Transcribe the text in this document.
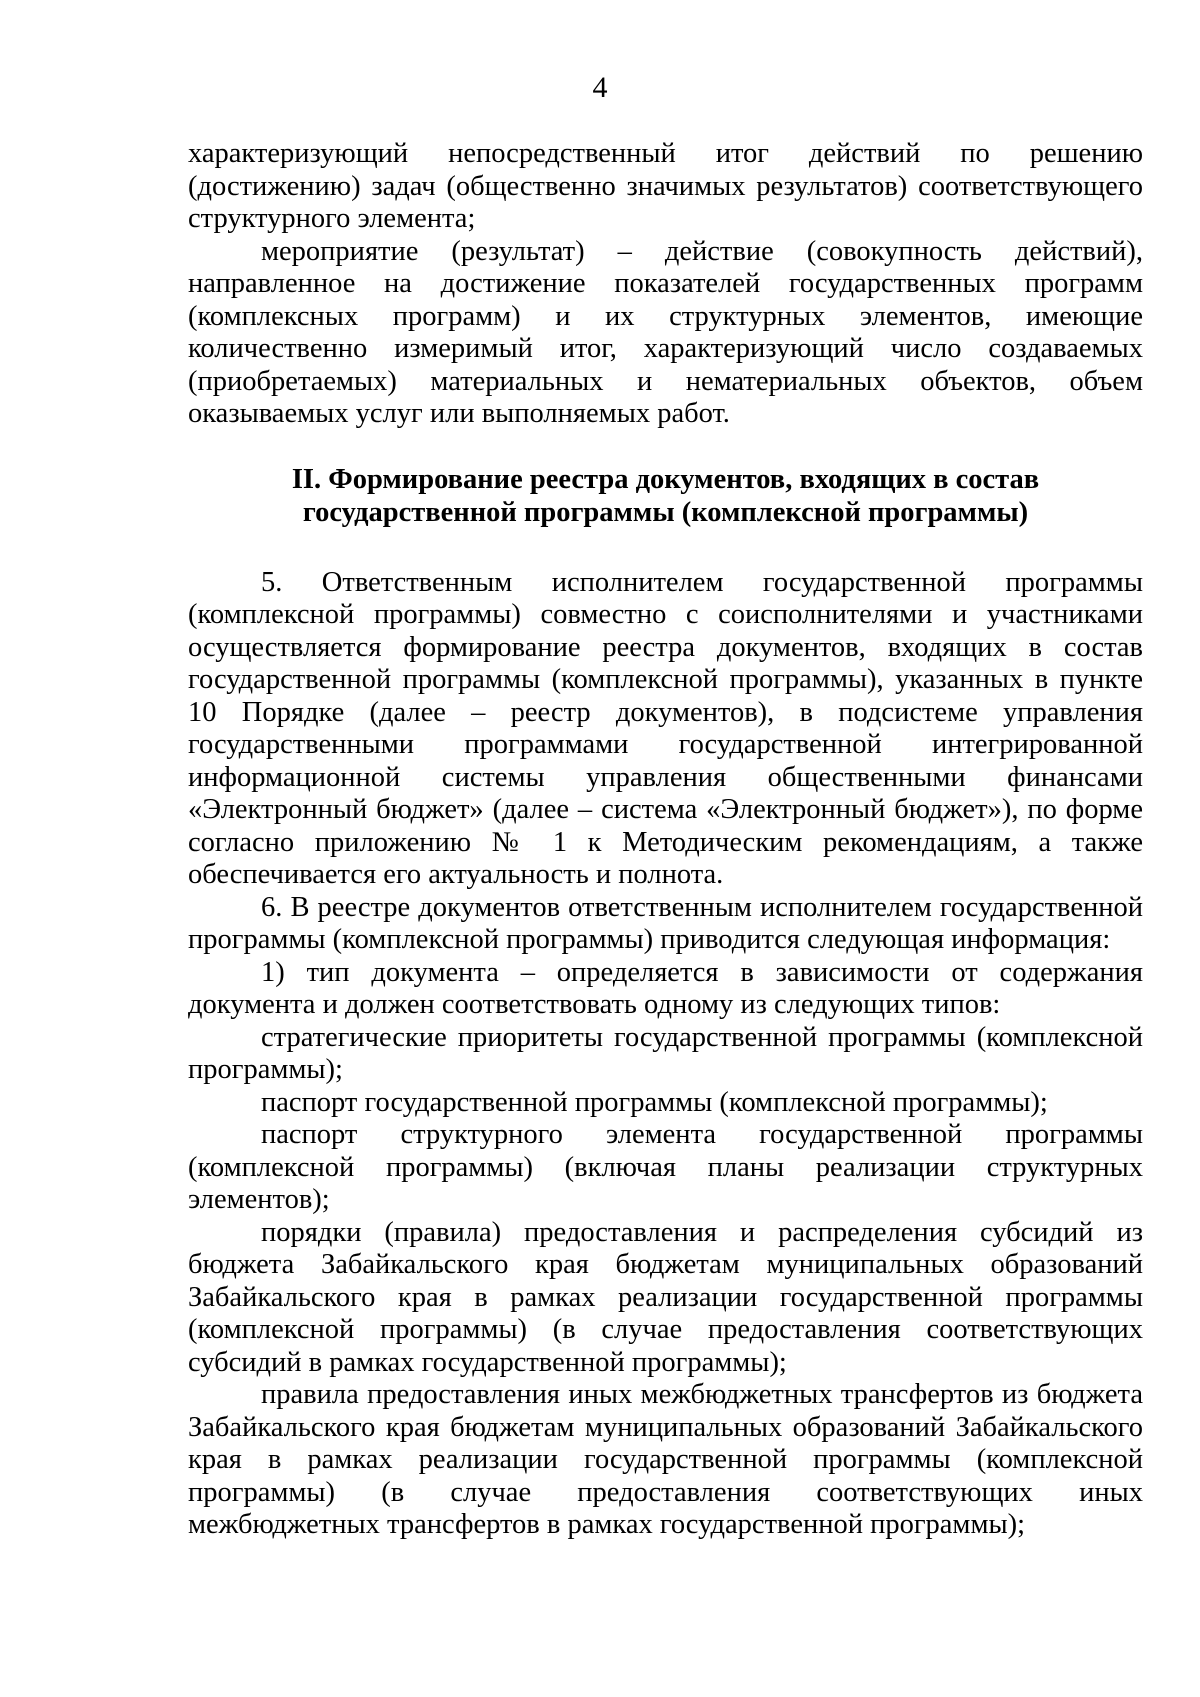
4

характеризующий непосредственный итог действий по решению (достижению) задач (общественно значимых результатов) соответствующего структурного элемента;

мероприятие (результат) – действие (совокупность действий), направленное на достижение показателей государственных программ (комплексных программ) и их структурных элементов, имеющие количественно измеримый итог, характеризующий число создаваемых (приобретаемых) материальных и нематериальных объектов, объем оказываемых услуг или выполняемых работ.

II. Формирование реестра документов, входящих в состав
государственной программы (комплексной программы)

5. Ответственным исполнителем государственной программы (комплексной программы) совместно с соисполнителями и участниками осуществляется формирование реестра документов, входящих в состав государственной программы (комплексной программы), указанных в пункте 10 Порядке (далее – реестр документов), в подсистеме управления государственными программами государственной интегрированной информационной системы управления общественными финансами «Электронный бюджет» (далее – система «Электронный бюджет»), по форме согласно приложению № 1 к Методическим рекомендациям, а также обеспечивается его актуальность и полнота.

6. В реестре документов ответственным исполнителем государственной программы (комплексной программы) приводится следующая информация:

1) тип документа – определяется в зависимости от содержания документа и должен соответствовать одному из следующих типов:

стратегические приоритеты государственной программы (комплексной программы);

паспорт государственной программы (комплексной программы);

паспорт структурного элемента государственной программы (комплексной программы) (включая планы реализации структурных элементов);

порядки (правила) предоставления и распределения субсидий из бюджета Забайкальского края бюджетам муниципальных образований Забайкальского края в рамках реализации государственной программы (комплексной программы) (в случае предоставления соответствующих субсидий в рамках государственной программы);

правила предоставления иных межбюджетных трансфертов из бюджета Забайкальского края бюджетам муниципальных образований Забайкальского края в рамках реализации государственной программы (комплексной программы) (в случае предоставления соответствующих иных межбюджетных трансфертов в рамках государственной программы);
